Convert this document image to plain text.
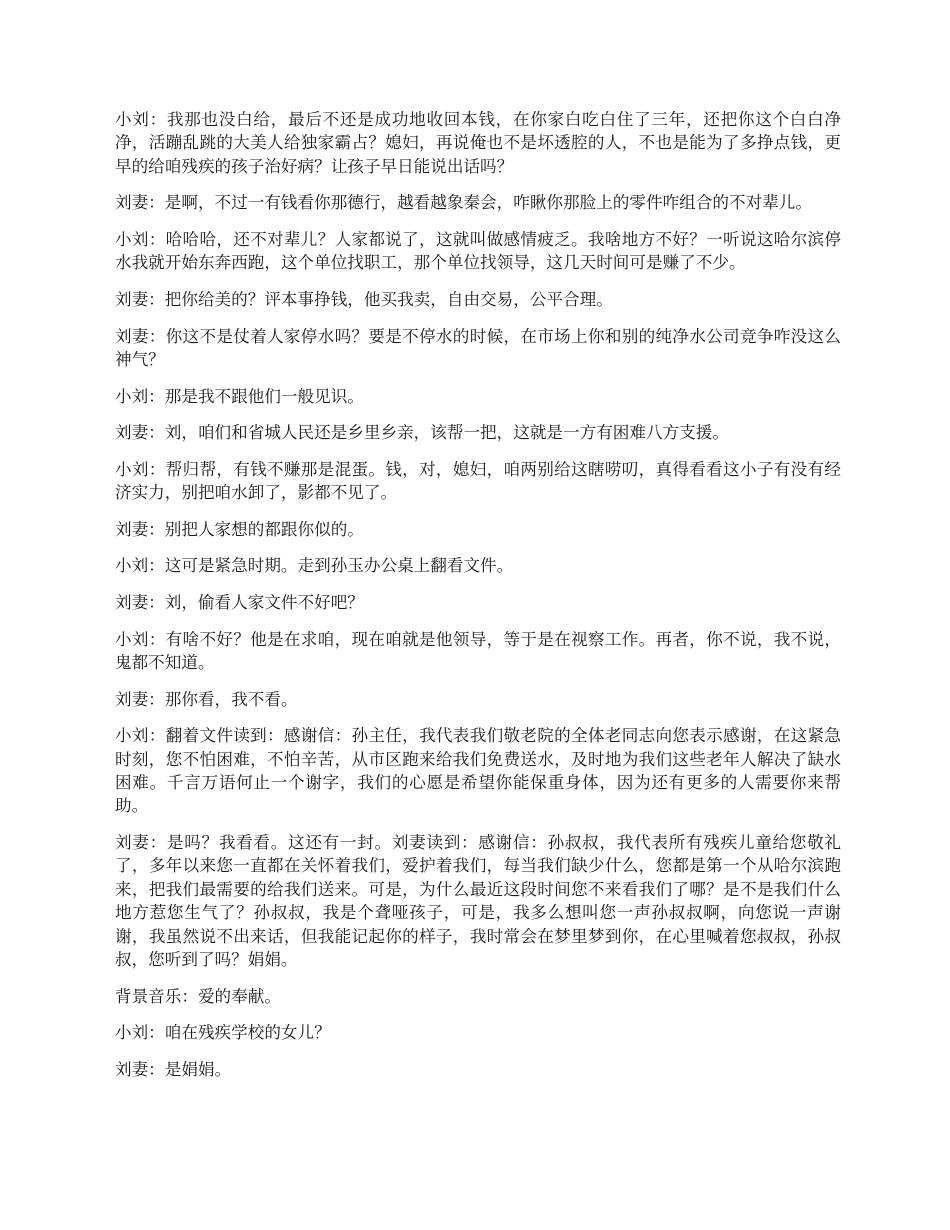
小刘：我那也没白给，最后不还是成功地收回本钱，在你家白吃白住了三年，还把你这个白白净净，活蹦乱跳的大美人给独家霸占？媳妇，再说俺也不是坏透腔的人，不也是能为了多挣点钱，更早的给咱残疾的孩子治好病？让孩子早日能说出话吗？

刘妻：是啊，不过一有钱看你那德行，越看越象秦会，咋瞅你那脸上的零件咋组合的不对辈儿。

小刘：哈哈哈，还不对辈儿？人家都说了，这就叫做感情疲乏。我啥地方不好？一听说这哈尔滨停水我就开始东奔西跑，这个单位找职工，那个单位找领导，这几天时间可是赚了不少。

刘妻：把你给美的？评本事挣钱，他买我卖，自由交易，公平合理。

刘妻：你这不是仗着人家停水吗？要是不停水的时候，在市场上你和别的纯净水公司竞争咋没这么神气？

小刘：那是我不跟他们一般见识。

刘妻：刘，咱们和省城人民还是乡里乡亲，该帮一把，这就是一方有困难八方支援。

小刘：帮归帮，有钱不赚那是混蛋。钱，对，媳妇，咱两别给这瞎唠叨，真得看看这小子有没有经济实力，别把咱水卸了，影都不见了。

刘妻：别把人家想的都跟你似的。

小刘：这可是紧急时期。走到孙玉办公桌上翻看文件。

刘妻：刘，偷看人家文件不好吧？

小刘：有啥不好？他是在求咱，现在咱就是他领导，等于是在视察工作。再者，你不说，我不说，鬼都不知道。

刘妻：那你看，我不看。

小刘：翻着文件读到：感谢信：孙主任，我代表我们敬老院的全体老同志向您表示感谢，在这紧急时刻，您不怕困难，不怕辛苦，从市区跑来给我们免费送水，及时地为我们这些老年人解决了缺水困难。千言万语何止一个谢字，我们的心愿是希望你能保重身体，因为还有更多的人需要你来帮助。

刘妻：是吗？我看看。这还有一封。刘妻读到：感谢信：孙叔叔，我代表所有残疾儿童给您敬礼了，多年以来您一直都在关怀着我们，爱护着我们，每当我们缺少什么，您都是第一个从哈尔滨跑来，把我们最需要的给我们送来。可是，为什么最近这段时间您不来看我们了哪？是不是我们什么地方惹您生气了？孙叔叔，我是个聋哑孩子，可是，我多么想叫您一声孙叔叔啊，向您说一声谢谢，我虽然说不出来话，但我能记起你的样子，我时常会在梦里梦到你，在心里喊着您叔叔，孙叔叔，您听到了吗？娟娟。

背景音乐：爱的奉献。

小刘：咱在残疾学校的女儿？

刘妻：是娟娟。
